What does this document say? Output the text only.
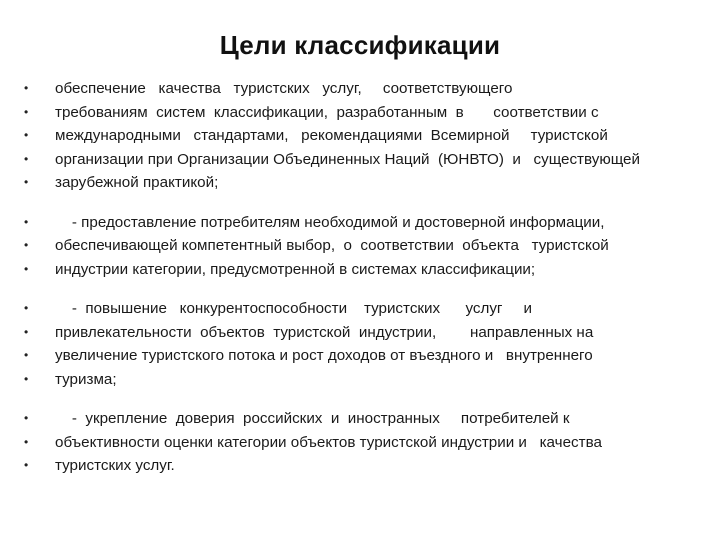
Цели классификации

•

	обеспечение   качества   туристских   услуг,     соответствующего

•

	требованиям  систем  классификации,  разработанным  в       соответствии с

•

	международными   стандартами,   рекомендациями  Всемирной     туристской

•

	организации при Организации Объединенных Наций  (ЮНВТО)  и   существующей

•

	зарубежной практикой;

•

	- предоставление потребителям необходимой и достоверной информации,

•

	обеспечивающей компетентный выбор,  о  соответствии  объекта   туристской

•

	индустрии категории, предусмотренной в системах классификации;

•

	-  повышение   конкурентоспособности    туристских      услуг     и

•

	привлекательности  объектов  туристской  индустрии,        направленных на

•

	увеличение туристского потока и рост доходов от въездного и   внутреннего

•

	туризма;

•

	-  укрепление  доверия  российских  и  иностранных     потребителей к

•

	объективности оценки категории объектов туристской индустрии и   качества

•

	туристских услуг.
